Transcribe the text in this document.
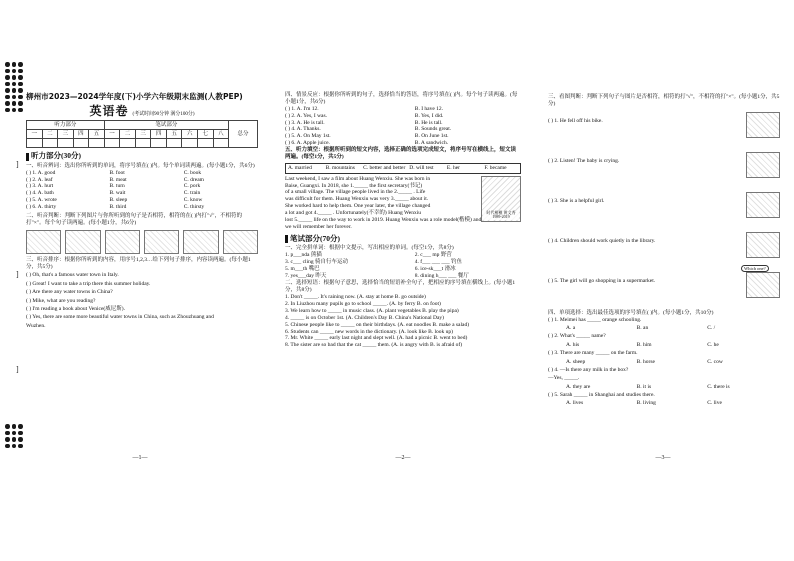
]
]
]
柳州市2023—2024学年度(下)小学六年级期末监测(人教PEP)
英语卷 (考试时间90分钟 满分100分)
听力部分					笔试部分								总分
一	二	三	四	五	一	二	三	四	五	六	七	八	

听力部分(30分)
一、听音辨词：选出你所听到的单词，将序号填在( )内。每个单词读两遍。(每小题1分，共6分)
( ) 1. A. good	B. foot	C. book
( ) 2. A. leaf	B. meat	C. dream
( ) 3. A. hurt	B. turn	C. pork
( ) 4. A. bath	B. wait	C. train
( ) 5. A. wrote	B. sleep	C. know
( ) 6. A. thirty	B. third	C. thirsty
二、听音判断：判断下列图片与你所听到的句子是否相符，相符的在( )内打"√"，不相符的打"×"。每个句子读两遍。(每小题1分，共6分)
三、听音排序：根据你所听到的内容，用序号1,2,3…给下列句子排序，内容读两遍。(每小题1分，共5分)
( ) Oh, that's a famous water town in Italy.
( ) Great! I want to take a trip there this summer holiday.
( ) Are there any water towns in China?
( ) Mike, what are you reading?
( ) I'm reading a book about Venice(威尼斯).
( ) Yes, there are some more beautiful water towns in China, such as Zhouzhuang and
Wuzhen.
—1—
四、情景反应：根据你所听到的句子，选择恰当的答语，将序号填在( )内。每个句子读两遍。(每小题1分，共6分)
( ) 1. A. I'm 12.	B. I have 12.
( ) 2. A. Yes, I was.	B. Yes, I did.
( ) 3. A. He is tall.	B. He is tall.
( ) 4. A. Thanks.	B. Sounds great.
( ) 5. A. On May 1st.	B. On June 1st.
( ) 6. A. Apple juice.	B. A sandwich.
五、听力填空：根据所听到的短文内容，选择正确的选项完成短文，将序号写在横线上，短文读两遍。(每空1分，共5分)
A. married	B. mountains	C. better and better D. will test	E. her	F. became
时代楷模 黄文秀 1989-2019
Last weekend, I saw a film about Huang Wenxiu. She was born in
Baise, Guangxi. In 2018, she 1._____ the first secretary(书记)
of a small village. The village people lived in the 2._____ . Life
was difficult for them. Huang Wenxiu was very 3._____ about it.
She worked hard to help them. One year later, the village changed
a lot and got 4._____ . Unfortunately(不幸的) Huang Wenxiu
lost 5._____ life on the way to work in 2019. Huang Wenxiu was a role model(楷模) and
we will remember her forever.
笔试部分(70分)
一、完全拼单词：根据中文提示，写出相应的单词。(每空1分，共8分)
1. p___nda 熊猫	2. c___ mp 野营
3. c___ cling 骑自行车运动	4. f___ ___ ___ 钓鱼
5. m___th 嘴巴	6. ice-sk___t 滑冰
7. yes___day 昨天	8. dining h___ ___ 餐厅
二、选择短语：根据句子意思，选择恰当的短语补全句子，把相应的序号填在横线上。(每小题1分，共8分)
1. Don't _____. It's raining now. (A. stay at home B. go outside)
2. In Liuzhou many pupils go to school _____. (A. by ferry B. on foot)
3. We learn how to _____ in music class. (A. plant vegetables B. play the pipa)
4. _____ is on October 1st. (A. Children's Day B. China's National Day)
5. Chinese people like to _____ on their birthdays. (A. eat noodles B. make a salad)
6. Students can _____ new words in the dictionary. (A. look like B. look up)
7. Mr. White _____ early last night and slept well. (A. had a picnic B. went to bed)
8. The sister are so bad that the cat _____ them. (A. is angry with B. is afraid of)
—2—
三、看图判断：判断下列句子与图片是否相符，相符的打"√"，不相符的打"×"。(每小题1分，共5分)
( ) 1. He fell off his bike.
( ) 2. Listen! The baby is crying.
( ) 3. She is a helpful girl.
( ) 4. Children should work quietly in the library.
( ) 5. The girl will go shopping in a supermarket.
Which one?
四、单项选择：选出最佳选项的序号填在( )内。(每小题1分，共10分)
( ) 1. Meimei has _____ orange schooling.
A. a	B. an	C. /
( ) 2. What's _____ name?
A. his	B. him	C. he
( ) 3. There are many _____ on the farm.
A. sheep	B. horse	C. cow
( ) 4. —Is there any milk in the box?
—Yes, _____.
A. they are	B. it is	C. there is
( ) 5. Sarah _____ in Shanghai and studies there.
A. lives	B. living	C. live
—3—
